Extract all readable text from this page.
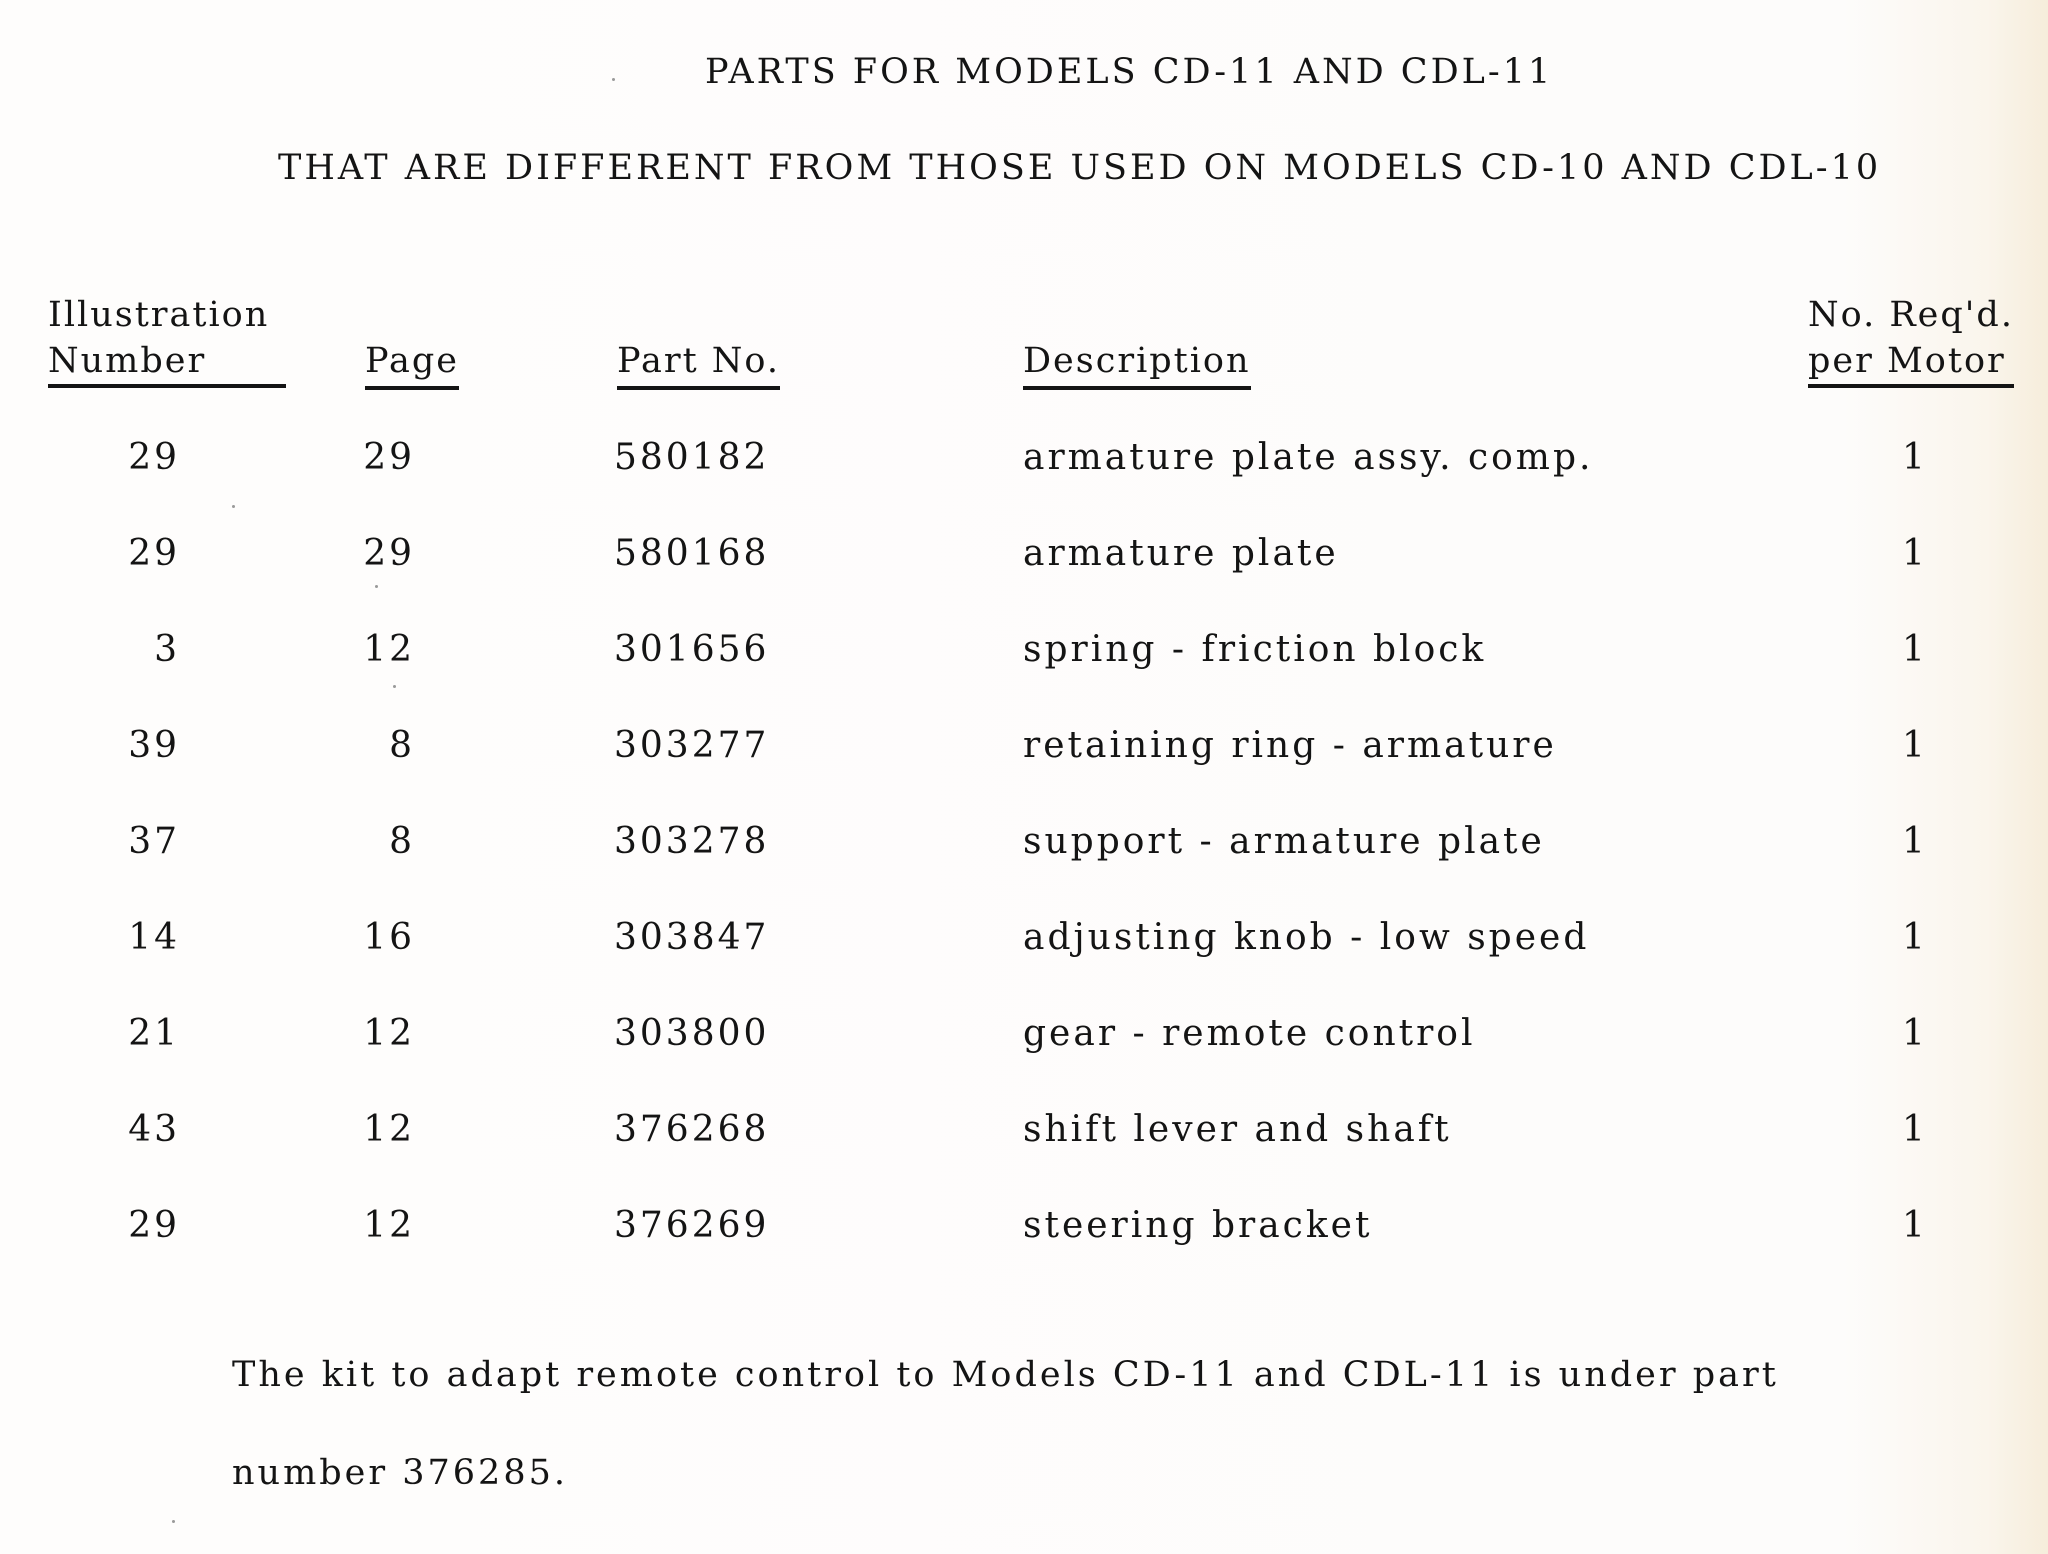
PARTS FOR MODELS CD-11 AND CDL-11
THAT ARE DIFFERENT FROM THOSE USED ON MODELS CD-10 AND CDL-10
Illustration
Number	Page	Part No.	Description
No. Req'd.
per Motor
29	29	580182	armature plate assy. comp.	1
29	29	580168	armature plate	1
3	12	301656	spring - friction block	1
39	8	303277	retaining ring - armature	1
37	8	303278	support - armature plate	1
14	16	303847	adjusting knob - low speed	1
21	12	303800	gear - remote control	1
43	12	376268	shift lever and shaft	1
29	12	376269	steering bracket	1
The kit to adapt remote control to Models CD-11 and CDL-11 is under part
number 376285.
